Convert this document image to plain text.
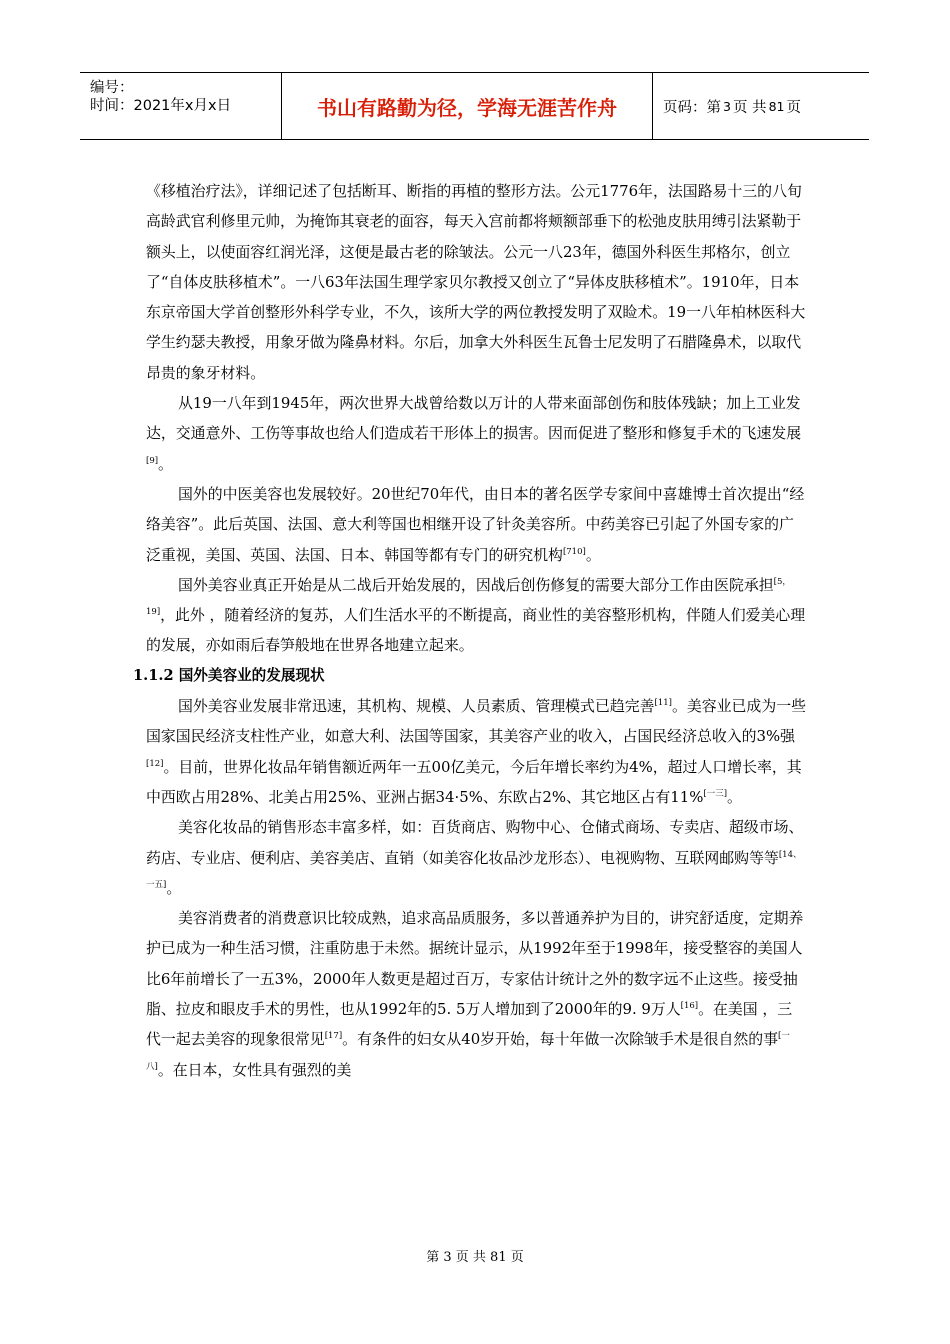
编号：
时间：2021年x月x日	书山有路勤为径，学海无涯苦作舟	页码：第 3 页 共 81 页

《移植治疗法》，详细记述了包括断耳、断指的再植的整形方法。公元1776年，法国路易十三的八旬高龄武官利修里元帅，为掩饰其衰老的面容，每天入宫前都将颊额部垂下的松弛皮肤用缚引法紧勒于额头上，以使面容红润光泽，这便是最古老的除皱法。公元一八23年，德国外科医生邦格尔，创立了“自体皮肤移植术”。一八63年法国生理学家贝尔教授又创立了“异体皮肤移植术”。1910年，日本东京帝国大学首创整形外科学专业，不久，该所大学的两位教授发明了双睑术。19一八年柏林医科大学生约瑟夫教授，用象牙做为隆鼻材料。尔后，加拿大外科医生瓦鲁士尼发明了石腊隆鼻术，以取代昂贵的象牙材料。

从19一八年到1945年，两次世界大战曾给数以万计的人带来面部创伤和肢体残缺；加上工业发达，交通意外、工伤等事故也给人们造成若干形体上的损害。因而促进了整形和修复手术的飞速发展[9]。

国外的中医美容也发展较好。20世纪70年代，由日本的著名医学专家间中喜雄博士首次提出“经络美容”。此后英国、法国、意大利等国也相继开设了针灸美容所。中药美容已引起了外国专家的广泛重视，美国、英国、法国、日本、韩国等都有专门的研究机构[710]。

国外美容业真正开始是从二战后开始发展的，因战后创伤修复的需要大部分工作由医院承担[5，19]，此外 ，随着经济的复苏，人们生活水平的不断提高，商业性的美容整形机构，伴随人们爱美心理的发展，亦如雨后春笋般地在世界各地建立起来。

1.1.2 国外美容业的发展现状

国外美容业发展非常迅速，其机构、规模、人员素质、管理模式已趋完善[11]。美容业已成为一些国家国民经济支柱性产业，如意大利、法国等国家，其美容产业的收入，占国民经济总收入的3%强[12]。目前，世界化妆品年销售额近两年一五00亿美元，今后年增长率约为4%，超过人口增长率，其中西欧占用28%、北美占用25%、亚洲占据34·5%、东欧占2%、其它地区占有11%[一三]。

美容化妆品的销售形态丰富多样，如：百货商店、购物中心、仓储式商场、专卖店、超级市场、药店、专业店、便利店、美容美店、直销（如美容化妆品沙龙形态）、电视购物、互联网邮购等等[14、一五]。

美容消费者的消费意识比较成熟，追求高品质服务，多以普通养护为目的，讲究舒适度，定期养护已成为一种生活习惯，注重防患于未然。据统计显示，从1992年至于1998年，接受整容的美国人比6年前增长了一五3%，2000年人数更是超过百万，专家估计统计之外的数字远不止这些。接受抽脂、拉皮和眼皮手术的男性，也从1992年的5. 5万人增加到了2000年的9. 9万人[16]。在美国 ，三代一起去美容的现象很常见[17]。有条件的妇女从40岁开始，每十年做一次除皱手术是很自然的事[一八]。在日本，女性具有强烈的美

第 3 页 共 81 页
